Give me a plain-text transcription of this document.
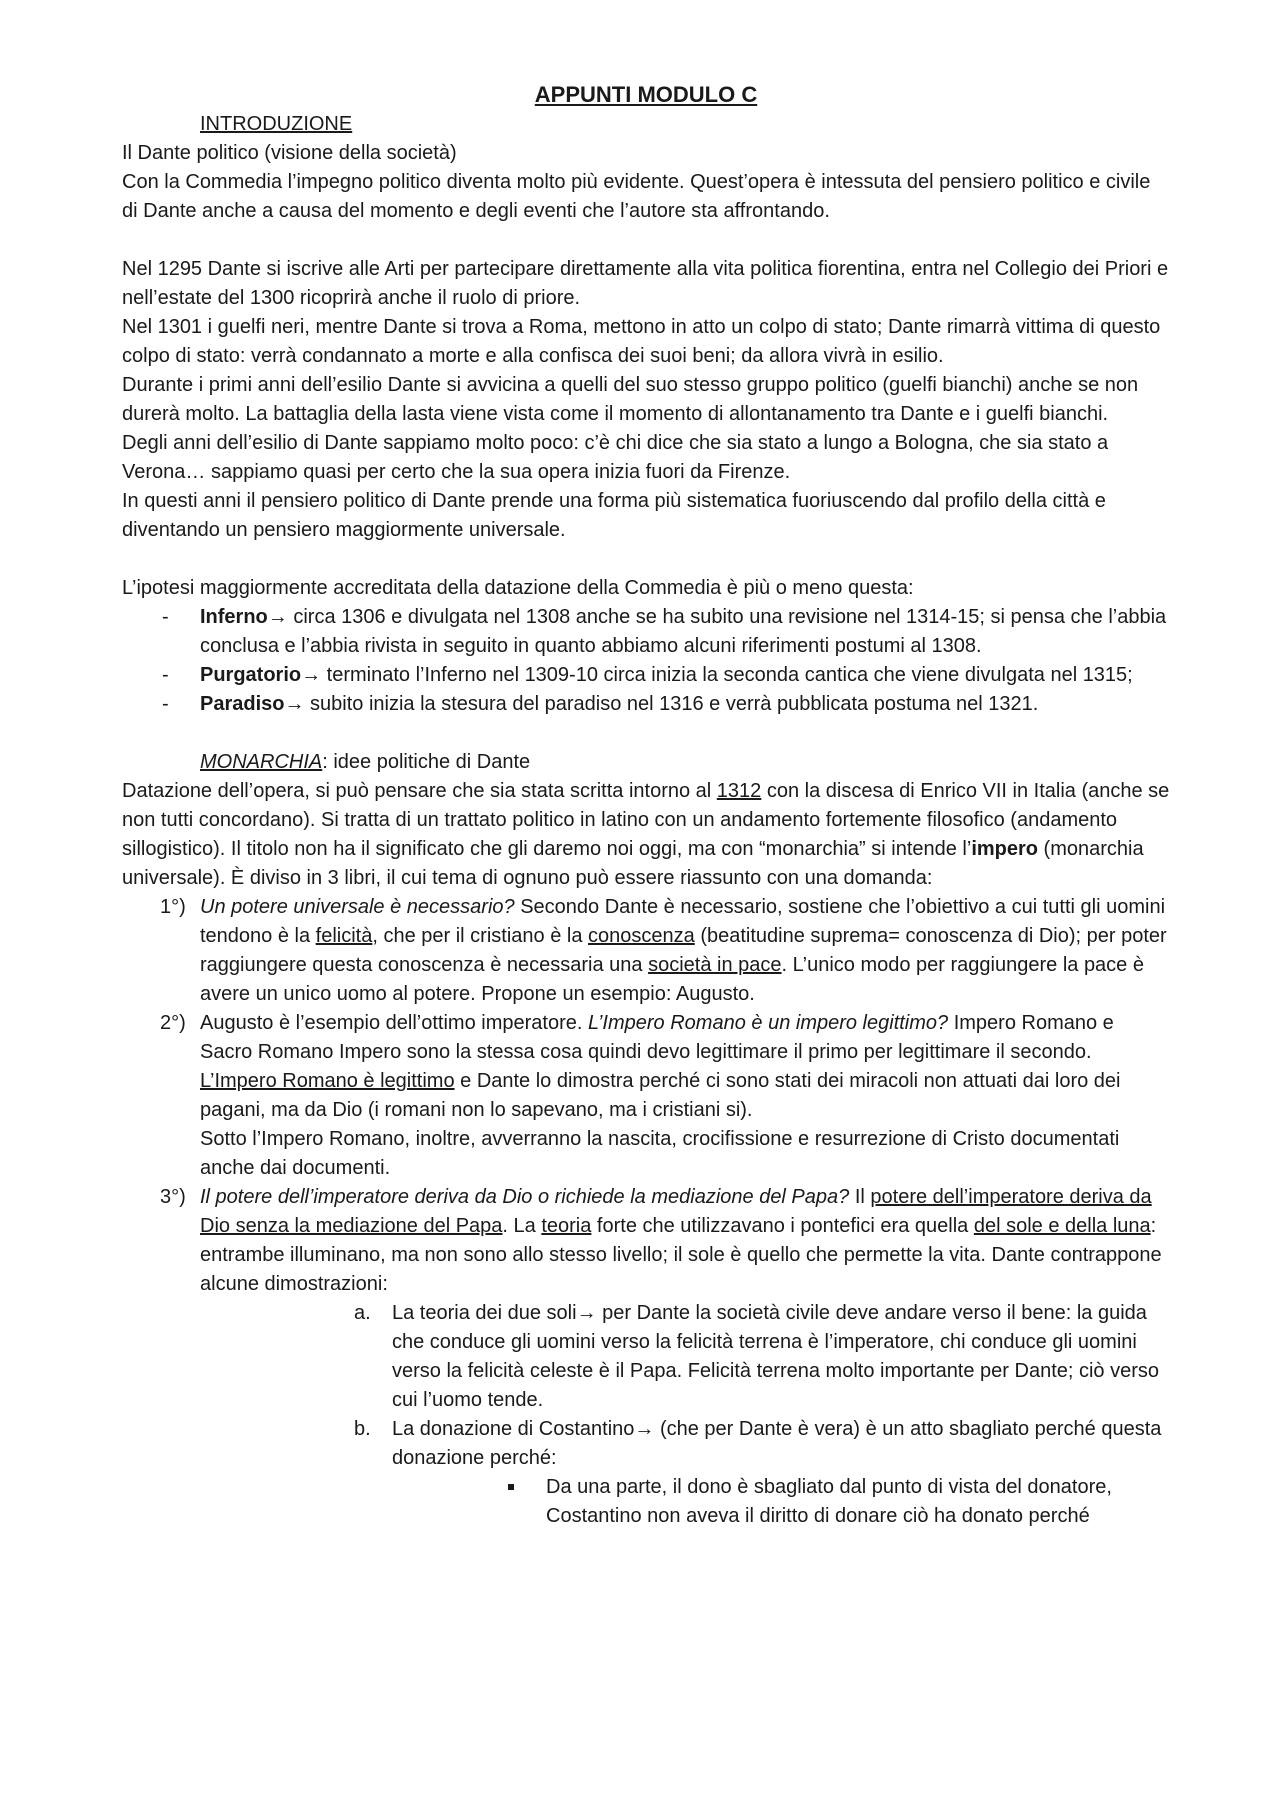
APPUNTI MODULO C

INTRODUZIONE

Il Dante politico (visione della società)

Con la Commedia l’impegno politico diventa molto più evidente. Quest’opera è intessuta del pensiero politico e civile di Dante anche a causa del momento e degli eventi che l’autore sta affrontando.

Nel 1295 Dante si iscrive alle Arti per partecipare direttamente alla vita politica fiorentina, entra nel Collegio dei Priori e nell’estate del 1300 ricoprirà anche il ruolo di priore.

Nel 1301 i guelfi neri, mentre Dante si trova a Roma, mettono in atto un colpo di stato; Dante rimarrà vittima di questo colpo di stato: verrà condannato a morte e alla confisca dei suoi beni; da allora vivrà in esilio.

Durante i primi anni dell’esilio Dante si avvicina a quelli del suo stesso gruppo politico (guelfi bianchi) anche se non durerà molto. La battaglia della lasta viene vista come il momento di allontanamento tra Dante e i guelfi bianchi.

Degli anni dell’esilio di Dante sappiamo molto poco: c’è chi dice che sia stato a lungo a Bologna, che sia stato a Verona… sappiamo quasi per certo che la sua opera inizia fuori da Firenze.

In questi anni il pensiero politico di Dante prende una forma più sistematica fuoriuscendo dal profilo della città e diventando un pensiero maggiormente universale.

L’ipotesi maggiormente accreditata della datazione della Commedia è più o meno questa:

- Inferno→ circa 1306 e divulgata nel 1308 anche se ha subito una revisione nel 1314-15; si pensa che l’abbia conclusa e l’abbia rivista in seguito in quanto abbiamo alcuni riferimenti postumi al 1308.
- Purgatorio→ terminato l’Inferno nel 1309-10 circa inizia la seconda cantica che viene divulgata nel 1315;
- Paradiso→ subito inizia la stesura del paradiso nel 1316 e verrà pubblicata postuma nel 1321.

MONARCHIA: idee politiche di Dante

Datazione dell’opera, si può pensare che sia stata scritta intorno al 1312 con la discesa di Enrico VII in Italia (anche se non tutti concordano). Si tratta di un trattato politico in latino con un andamento fortemente filosofico (andamento sillogistico). Il titolo non ha il significato che gli daremo noi oggi, ma con “monarchia” si intende l’impero (monarchia universale). È diviso in 3 libri, il cui tema di ognuno può essere riassunto con una domanda:

1°) Un potere universale è necessario? Secondo Dante è necessario, sostiene che l’obiettivo a cui tutti gli uomini tendono è la felicità, che per il cristiano è la conoscenza (beatitudine suprema= conoscenza di Dio); per poter raggiungere questa conoscenza è necessaria una società in pace. L’unico modo per raggiungere la pace è avere un unico uomo al potere. Propone un esempio: Augusto.
2°) Augusto è l’esempio dell’ottimo imperatore. L’Impero Romano è un impero legittimo? Impero Romano e Sacro Romano Impero sono la stessa cosa quindi devo legittimare il primo per legittimare il secondo. L’Impero Romano è legittimo e Dante lo dimostra perché ci sono stati dei miracoli non attuati dai loro dei pagani, ma da Dio (i romani non lo sapevano, ma i cristiani si).

Sotto l’Impero Romano, inoltre, avverranno la nascita, crocifissione e resurrezione di Cristo documentati anche dai documenti.

3°) Il potere dell’imperatore deriva da Dio o richiede la mediazione del Papa? Il potere dell’imperatore deriva da Dio senza la mediazione del Papa. La teoria forte che utilizzavano i pontefici era quella del sole e della luna: entrambe illuminano, ma non sono allo stesso livello; il sole è quello che permette la vita. Dante contrappone alcune dimostrazioni:
a. La teoria dei due soli→ per Dante la società civile deve andare verso il bene: la guida che conduce gli uomini verso la felicità terrena è l’imperatore, chi conduce gli uomini verso la felicità celeste è il Papa. Felicità terrena molto importante per Dante; ciò verso cui l’uomo tende.
b. La donazione di Costantino→ (che per Dante è vera) è un atto sbagliato perché questa donazione perché:
Da una parte, il dono è sbagliato dal punto di vista del donatore, Costantino non aveva il diritto di donare ciò ha donato perché
